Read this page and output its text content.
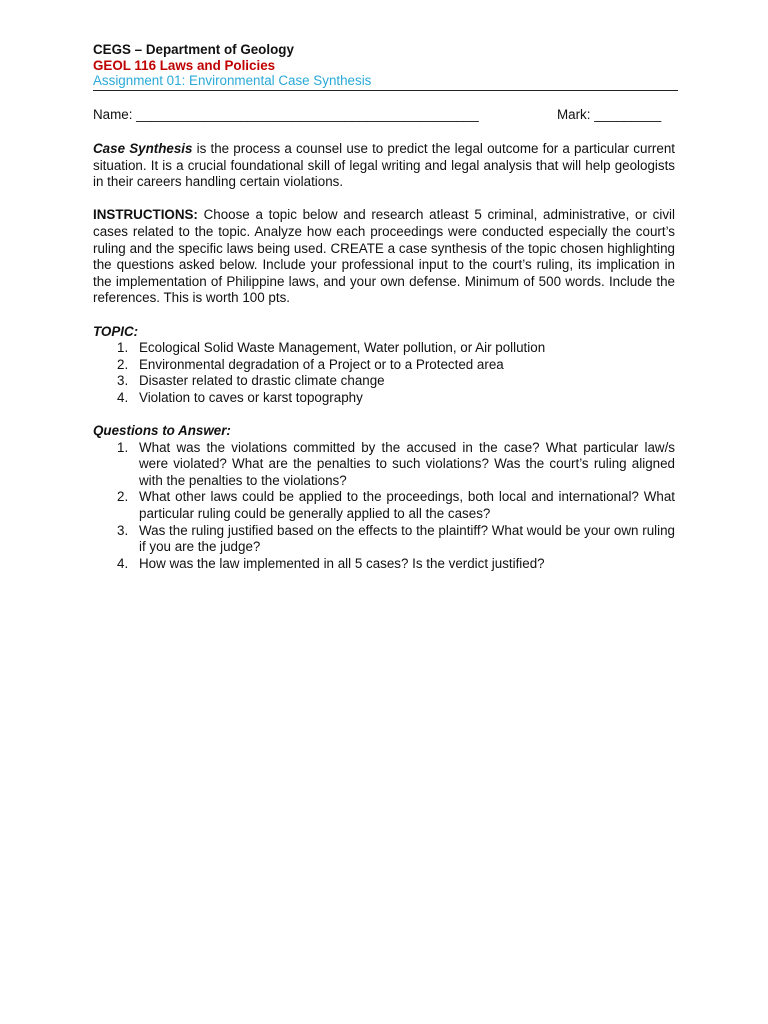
CEGS – Department of Geology
GEOL 116 Laws and Policies
Assignment 01: Environmental Case Synthesis
Name: ______________________________________________	Mark: _________

Case Synthesis is the process a counsel use to predict the legal outcome for a particular current situation. It is a crucial foundational skill of legal writing and legal analysis that will help geologists in their careers handling certain violations.

INSTRUCTIONS: Choose a topic below and research atleast 5 criminal, administrative, or civil cases related to the topic. Analyze how each proceedings were conducted especially the court’s ruling and the specific laws being used. CREATE a case synthesis of the topic chosen highlighting the questions asked below. Include your professional input to the court’s ruling, its implication in the implementation of Philippine laws, and your own defense. Minimum of 500 words. Include the references. This is worth 100 pts.

TOPIC:

1. Ecological Solid Waste Management, Water pollution, or Air pollution
2. Environmental degradation of a Project or to a Protected area
3. Disaster related to drastic climate change
4. Violation to caves or karst topography

Questions to Answer:

1. What was the violations committed by the accused in the case? What particular law/s were violated? What are the penalties to such violations? Was the court’s ruling aligned with the penalties to the violations?
2. What other laws could be applied to the proceedings, both local and international? What particular ruling could be generally applied to all the cases?
3. Was the ruling justified based on the effects to the plaintiff? What would be your own ruling if you are the judge?
4. How was the law implemented in all 5 cases? Is the verdict justified?
